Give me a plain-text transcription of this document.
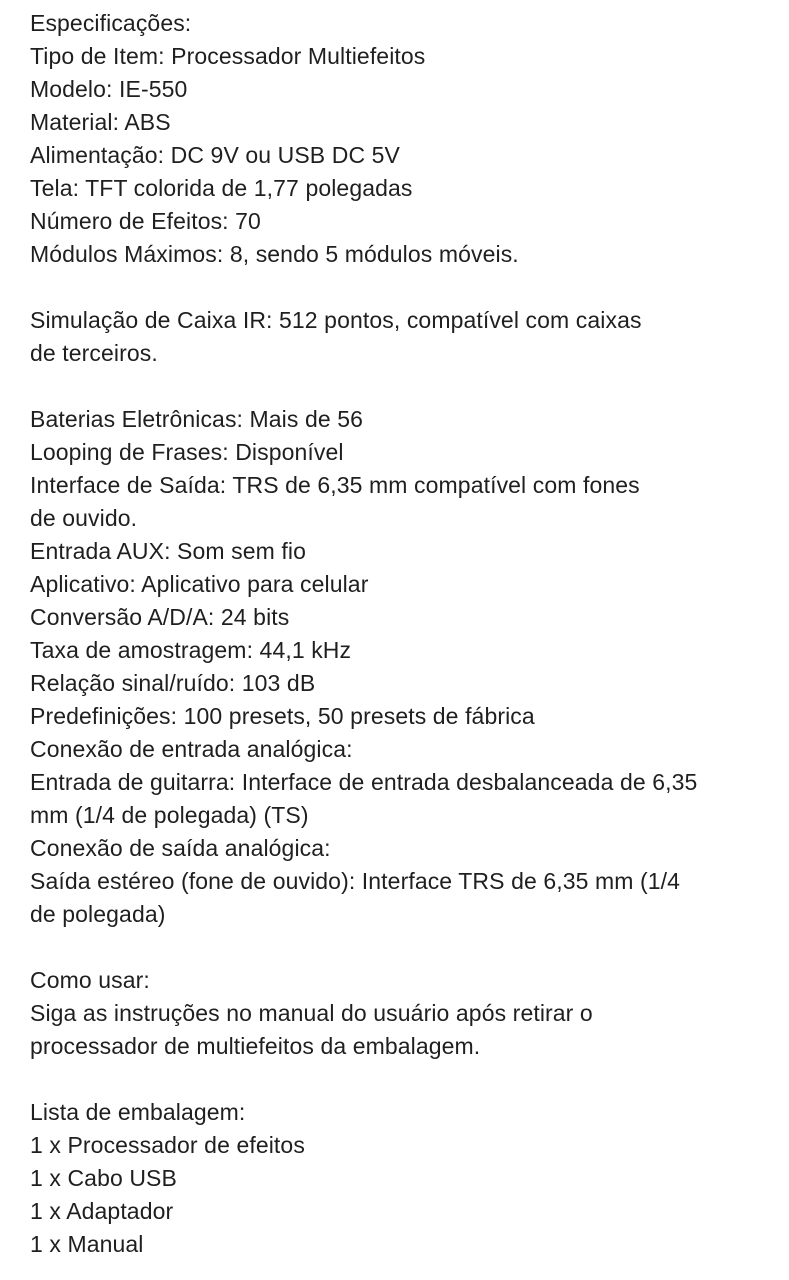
Especificações:
Tipo de Item: Processador Multiefeitos
Modelo: IE-550
Material: ABS
Alimentação: DC 9V ou USB DC 5V
Tela: TFT colorida de 1,77 polegadas
Número de Efeitos: 70
Módulos Máximos: 8, sendo 5 módulos móveis.
Simulação de Caixa IR: 512 pontos, compatível com caixas
de terceiros.
Baterias Eletrônicas: Mais de 56
Looping de Frases: Disponível
Interface de Saída: TRS de 6,35 mm compatível com fones
de ouvido.
Entrada AUX: Som sem fio
Aplicativo: Aplicativo para celular
Conversão A/D/A: 24 bits
Taxa de amostragem: 44,1 kHz
Relação sinal/ruído: 103 dB
Predefinições: 100 presets, 50 presets de fábrica
Conexão de entrada analógica:
Entrada de guitarra: Interface de entrada desbalanceada de 6,35
mm (1/4 de polegada) (TS)
Conexão de saída analógica:
Saída estéreo (fone de ouvido): Interface TRS de 6,35 mm (1/4
de polegada)
Como usar:
Siga as instruções no manual do usuário após retirar o
processador de multiefeitos da embalagem.
Lista de embalagem:
1 x Processador de efeitos
1 x Cabo USB
1 x Adaptador
1 x Manual
